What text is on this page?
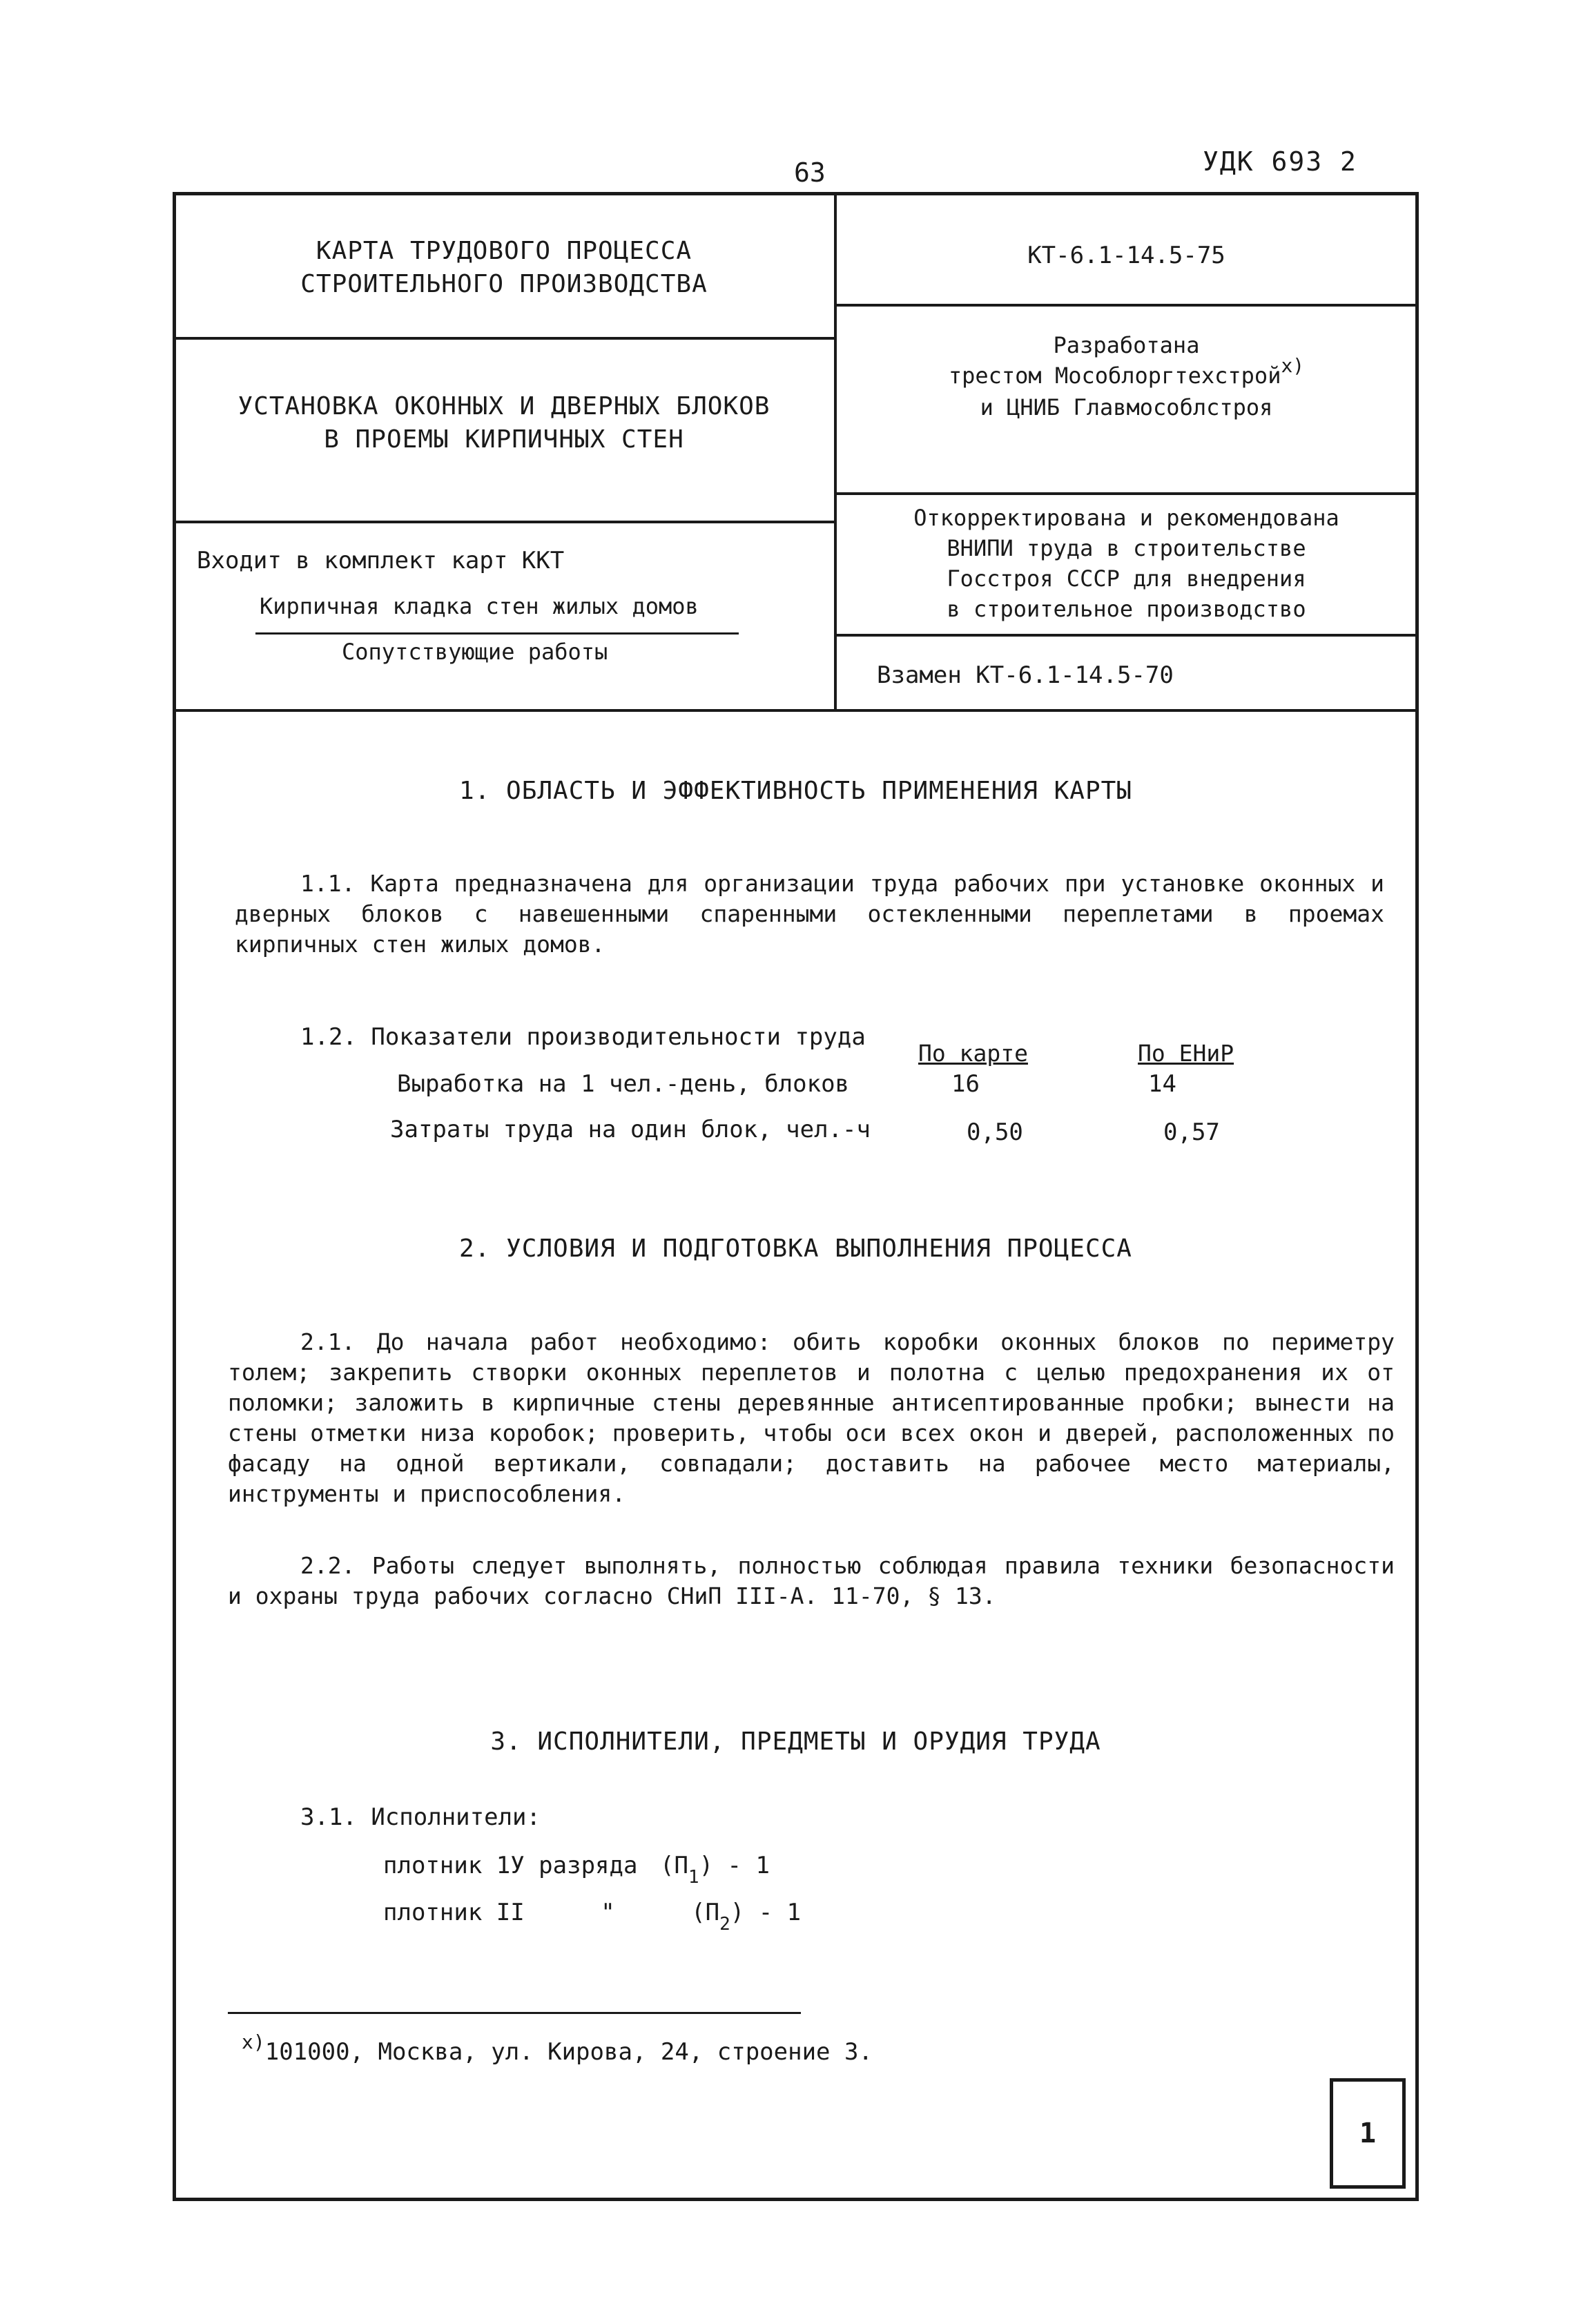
63	УДК 693 2
КАРТА ТРУДОВОГО ПРОЦЕССА
СТРОИТЕЛЬНОГО ПРОИЗВОДСТВА
УСТАНОВКА ОКОННЫХ И ДВЕРНЫХ БЛОКОВ
В ПРОЕМЫ КИРПИЧНЫХ СТЕН
Входит в комплект карт ККТ
Кирпичная кладка стен жилых домов
Сопутствующие работы
КТ-6.1-14.5-75
Разработана
трестом Мособлоргтехстройх)
и ЦНИБ Главмособлстроя
Откорректирована и рекомендована
ВНИПИ труда в строительстве
Госстроя СССР для внедрения
в строительное производство
Взамен КТ-6.1-14.5-70
1. ОБЛАСТЬ И ЭФФЕКТИВНОСТЬ ПРИМЕНЕНИЯ КАРТЫ
1.1. Карта предназначена для организации труда рабочих при установке оконных и дверных блоков с навешенными спаренными остекленными переплетами в проемах кирпичных стен жилых домов.
1.2. Показатели производительности труда
По карте	По ЕНиР
Выработка на 1 чел.-день, блоков	16	14
Затраты труда на один блок, чел.-ч	0,50	0,57
2. УСЛОВИЯ И ПОДГОТОВКА ВЫПОЛНЕНИЯ ПРОЦЕССА
2.1. До начала работ необходимо: обить коробки оконных блоков по периметру толем; закрепить створки оконных переплетов и полотна с целью предохранения их от поломки; заложить в кирпичные стены деревянные антисептированные пробки; вынести на стены отметки низа коробок; проверить, чтобы оси всех окон и дверей, расположенных по фасаду на одной вертикали, совпадали; доставить на рабочее место материалы, инструменты и приспособления.
2.2. Работы следует выполнять, полностью соблюдая правила техники безопасности и охраны труда рабочих согласно СНиП III-А. 11-70, § 13.
3. ИСПОЛНИТЕЛИ, ПРЕДМЕТЫ И ОРУДИЯ ТРУДА
3.1. Исполнители:
плотник 1У разряда $(П_1) - 1$
плотник II	"	$(П_2) - 1$
$^{х)}$101000, Москва, ул. Кирова, 24, строение 3.
1
